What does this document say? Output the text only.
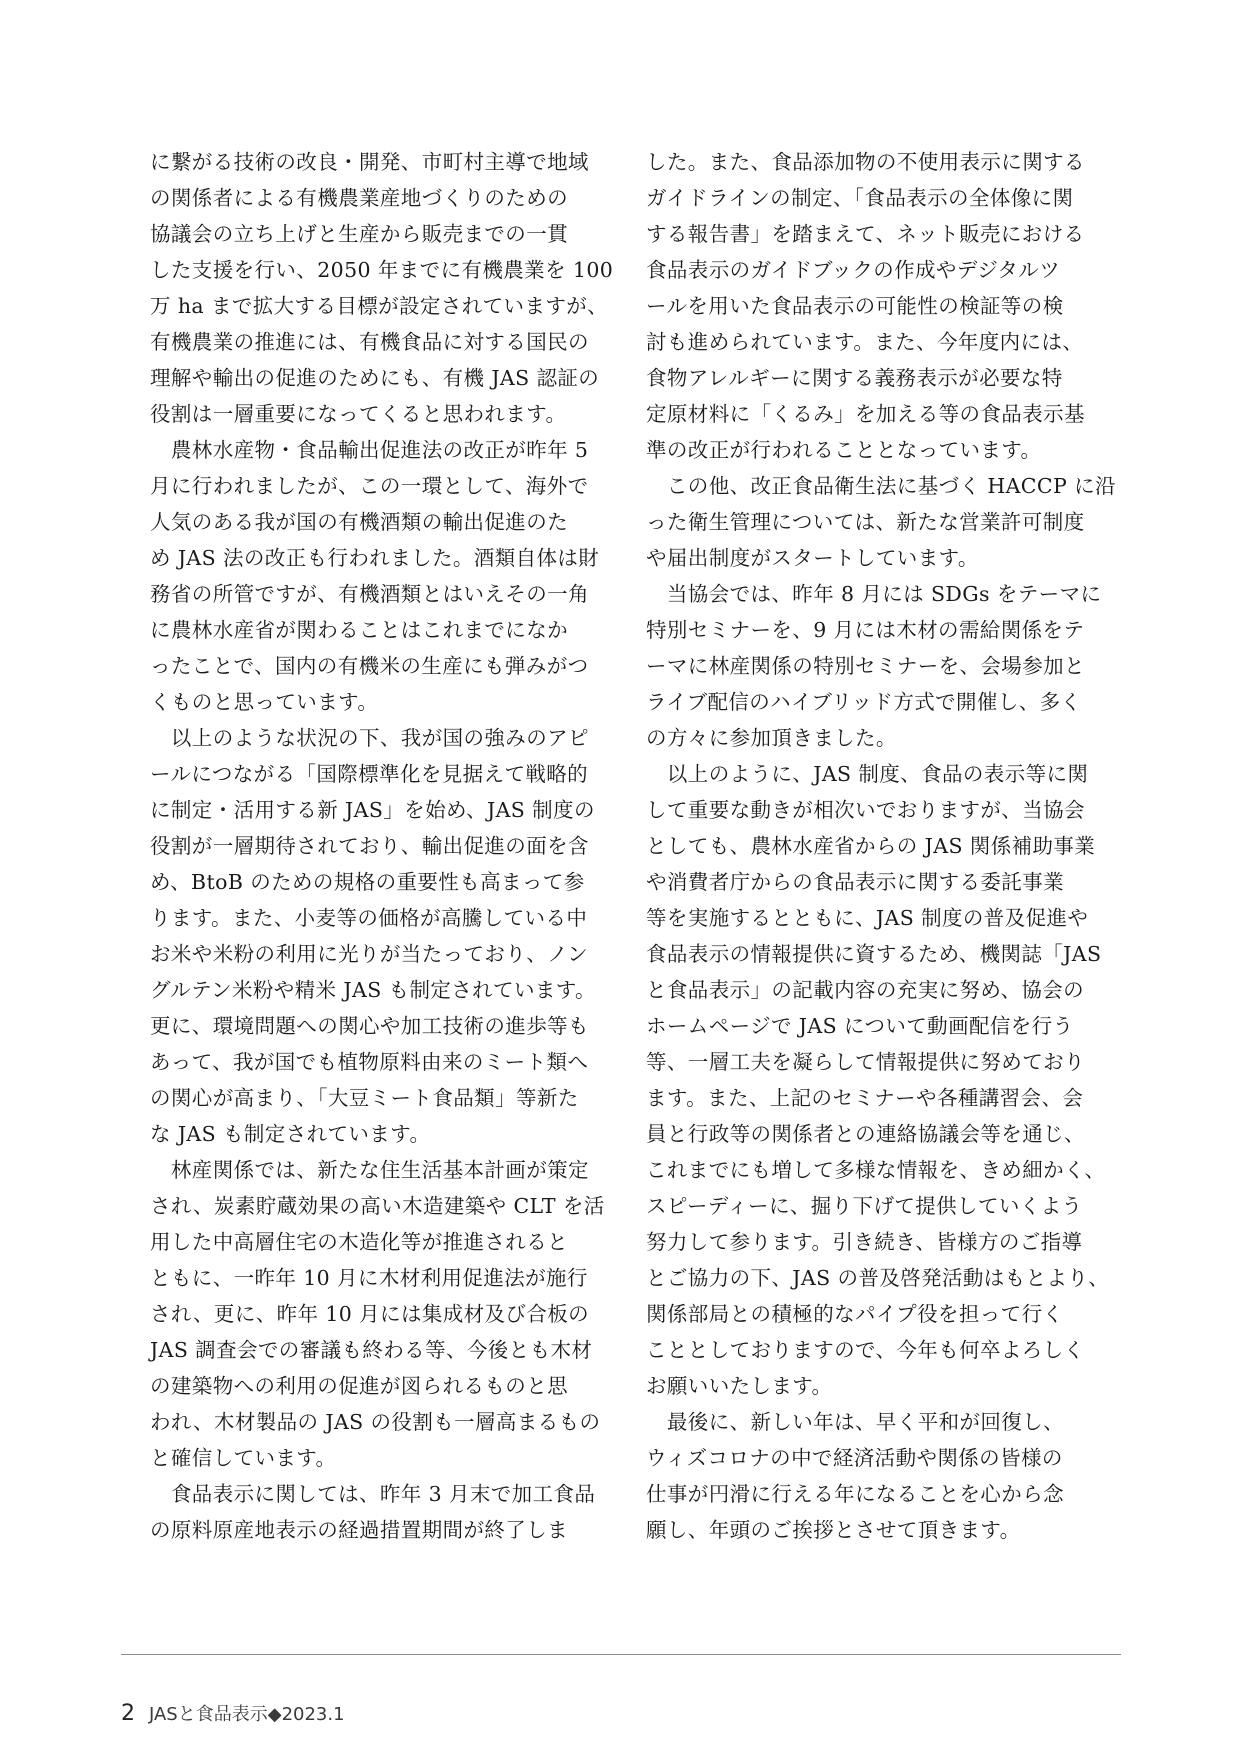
に繋がる技術の改良・開発、市町村主導で地域
の関係者による有機農業産地づくりのための
協議会の立ち上げと生産から販売までの一貫
した支援を行い、2050 年までに有機農業を 100
万 ha まで拡大する目標が設定されていますが、
有機農業の推進には、有機食品に対する国民の
理解や輸出の促進のためにも、有機 JAS 認証の
役割は一層重要になってくると思われます。
　農林水産物・食品輸出促進法の改正が昨年 5
月に行われましたが、この一環として、海外で
人気のある我が国の有機酒類の輸出促進のた
め JAS 法の改正も行われました。酒類自体は財
務省の所管ですが、有機酒類とはいえその一角
に農林水産省が関わることはこれまでになか
ったことで、国内の有機米の生産にも弾みがつ
くものと思っています。
　以上のような状況の下、我が国の強みのアピ
ールにつながる「国際標準化を見据えて戦略的
に制定・活用する新 JAS」を始め、JAS 制度の
役割が一層期待されており、輸出促進の面を含
め、BtoB のための規格の重要性も高まって参
ります。また、小麦等の価格が高騰している中
お米や米粉の利用に光りが当たっており、ノン
グルテン米粉や精米 JAS も制定されています。
更に、環境問題への関心や加工技術の進歩等も
あって、我が国でも植物原料由来のミート類へ
の関心が高まり、「大豆ミート食品類」等新た
な JAS も制定されています。
　林産関係では、新たな住生活基本計画が策定
され、炭素貯蔵効果の高い木造建築や CLT を活
用した中高層住宅の木造化等が推進されると
ともに、一昨年 10 月に木材利用促進法が施行
され、更に、昨年 10 月には集成材及び合板の
JAS 調査会での審議も終わる等、今後とも木材
の建築物への利用の促進が図られるものと思
われ、木材製品の JAS の役割も一層高まるもの
と確信しています。
　食品表示に関しては、昨年 3 月末で加工食品
の原料原産地表示の経過措置期間が終了しま
した。また、食品添加物の不使用表示に関する
ガイドラインの制定、「食品表示の全体像に関
する報告書」を踏まえて、ネット販売における
食品表示のガイドブックの作成やデジタルツ
ールを用いた食品表示の可能性の検証等の検
討も進められています。また、今年度内には、
食物アレルギーに関する義務表示が必要な特
定原材料に「くるみ」を加える等の食品表示基
準の改正が行われることとなっています。
　この他、改正食品衛生法に基づく HACCP に沿
った衛生管理については、新たな営業許可制度
や届出制度がスタートしています。
　当協会では、昨年 8 月には SDGs をテーマに
特別セミナーを、9 月には木材の需給関係をテ
ーマに林産関係の特別セミナーを、会場参加と
ライブ配信のハイブリッド方式で開催し、多く
の方々に参加頂きました。
　以上のように、JAS 制度、食品の表示等に関
して重要な動きが相次いでおりますが、当協会
としても、農林水産省からの JAS 関係補助事業
や消費者庁からの食品表示に関する委託事業
等を実施するとともに、JAS 制度の普及促進や
食品表示の情報提供に資するため、機関誌「JAS
と食品表示」の記載内容の充実に努め、協会の
ホームページで JAS について動画配信を行う
等、一層工夫を凝らして情報提供に努めており
ます。また、上記のセミナーや各種講習会、会
員と行政等の関係者との連絡協議会等を通じ、
これまでにも増して多様な情報を、きめ細かく、
スピーディーに、掘り下げて提供していくよう
努力して参ります。引き続き、皆様方のご指導
とご協力の下、JAS の普及啓発活動はもとより、
関係部局との積極的なパイプ役を担って行く
こととしておりますので、今年も何卒よろしく
お願いいたします。
　最後に、新しい年は、早く平和が回復し、
ウィズコロナの中で経済活動や関係の皆様の
仕事が円滑に行える年になることを心から念
願し、年頭のご挨拶とさせて頂きます。
2 JASと食品表示◆2023.1
